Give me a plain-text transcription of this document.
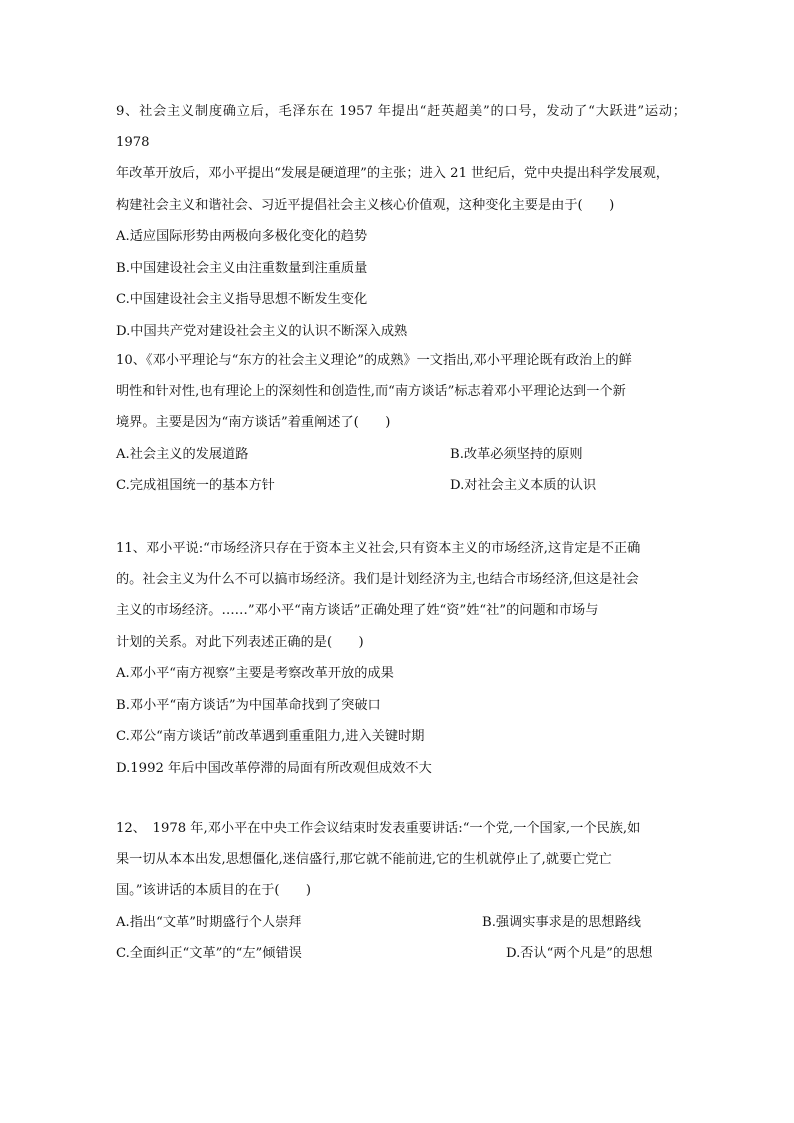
9、社会主义制度确立后，毛泽东在 1957 年提出“赶英超美”的口号，发动了“大跃进”运动；1978
年改革开放后，邓小平提出“发展是硬道理”的主张；进入 21 世纪后，党中央提出科学发展观，
构建社会主义和谐社会、习近平提倡社会主义核心价值观，这种变化主要是由于(　　)

A.适应国际形势由两极向多极化变化的趋势
B.中国建设社会主义由注重数量到注重质量
C.中国建设社会主义指导思想不断发生变化
D.中国共产党对建设社会主义的认识不断深入成熟

10、《邓小平理论与“东方的社会主义理论”的成熟》一文指出,邓小平理论既有政治上的鲜
明性和针对性,也有理论上的深刻性和创造性,而“南方谈话”标志着邓小平理论达到一个新
境界。主要是因为“南方谈话”着重阐述了(　　)

A.社会主义的发展道路	B.改革必须坚持的原则
C.完成祖国统一的基本方针	D.对社会主义本质的认识

11、邓小平说:“市场经济只存在于资本主义社会,只有资本主义的市场经济,这肯定是不正确
的。社会主义为什么不可以搞市场经济。我们是计划经济为主,也结合市场经济,但这是社会
主义的市场经济。……”邓小平“南方谈话”正确处理了姓“资”姓“社”的问题和市场与
计划的关系。对此下列表述正确的是(　　)

A.邓小平“南方视察”主要是考察改革开放的成果
B.邓小平“南方谈话”为中国革命找到了突破口
C.邓公“南方谈话”前改革遇到重重阻力,进入关键时期
D.1992 年后中国改革停滞的局面有所改观但成效不大

12、　1978 年,邓小平在中央工作会议结束时发表重要讲话:“一个党,一个国家,一个民族,如
果一切从本本出发,思想僵化,迷信盛行,那它就不能前进,它的生机就停止了,就要亡党亡
国。”该讲话的本质目的在于(　　)

A.指出“文革”时期盛行个人崇拜	B.强调实事求是的思想路线
C.全面纠正“文革”的“左”倾错误	D.否认“两个凡是”的思想
